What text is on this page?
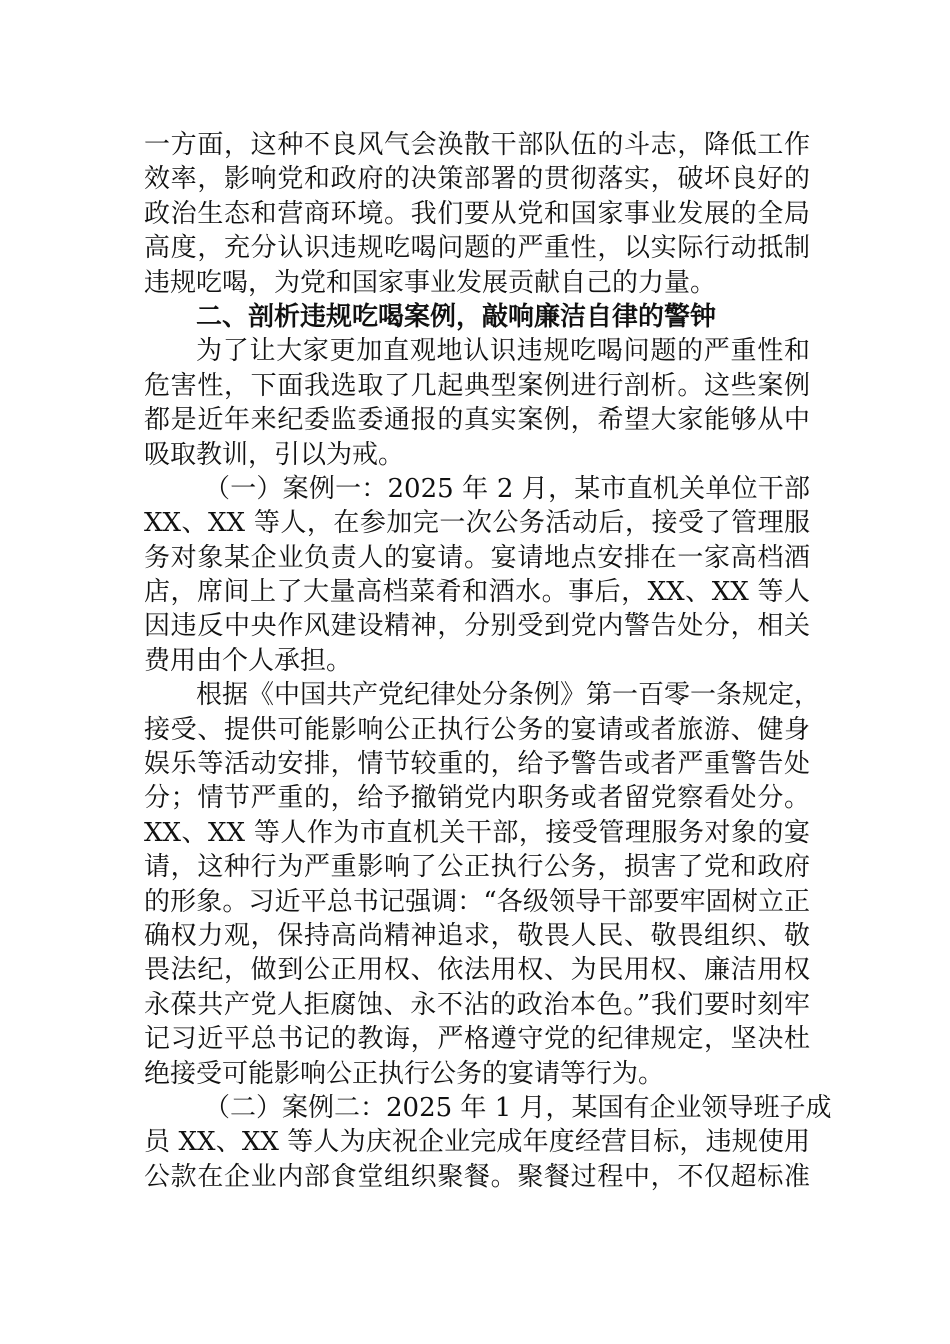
一方面，这种不良风气会涣散干部队伍的斗志，降低工作
效率，影响党和政府的决策部署的贯彻落实，破坏良好的
政治生态和营商环境。我们要从党和国家事业发展的全局
高度，充分认识违规吃喝问题的严重性，以实际行动抵制
违规吃喝，为党和国家事业发展贡献自己的力量。
二、剖析违规吃喝案例，敲响廉洁自律的警钟
为了让大家更加直观地认识违规吃喝问题的严重性和
危害性，下面我选取了几起典型案例进行剖析。这些案例
都是近年来纪委监委通报的真实案例，希望大家能够从中
吸取教训，引以为戒。
（一）案例一：2025 年 2 月，某市直机关单位干部
XX、XX 等人，在参加完一次公务活动后，接受了管理服
务对象某企业负责人的宴请。宴请地点安排在一家高档酒
店，席间上了大量高档菜肴和酒水。事后，XX、XX 等人
因违反中央作风建设精神，分别受到党内警告处分，相关
费用由个人承担。
根据《中国共产党纪律处分条例》第一百零一条规定，
接受、提供可能影响公正执行公务的宴请或者旅游、健身
娱乐等活动安排，情节较重的，给予警告或者严重警告处
分；情节严重的，给予撤销党内职务或者留党察看处分。
XX、XX 等人作为市直机关干部，接受管理服务对象的宴
请，这种行为严重影响了公正执行公务，损害了党和政府
的形象。习近平总书记强调：“各级领导干部要牢固树立正
确权力观，保持高尚精神追求，敬畏人民、敬畏组织、敬
畏法纪，做到公正用权、依法用权、为民用权、廉洁用权
永葆共产党人拒腐蚀、永不沾的政治本色。”我们要时刻牢
记习近平总书记的教诲，严格遵守党的纪律规定，坚决杜
绝接受可能影响公正执行公务的宴请等行为。
（二）案例二：2025 年 1 月，某国有企业领导班子成
员 XX、XX 等人为庆祝企业完成年度经营目标，违规使用
公款在企业内部食堂组织聚餐。聚餐过程中，不仅超标准
